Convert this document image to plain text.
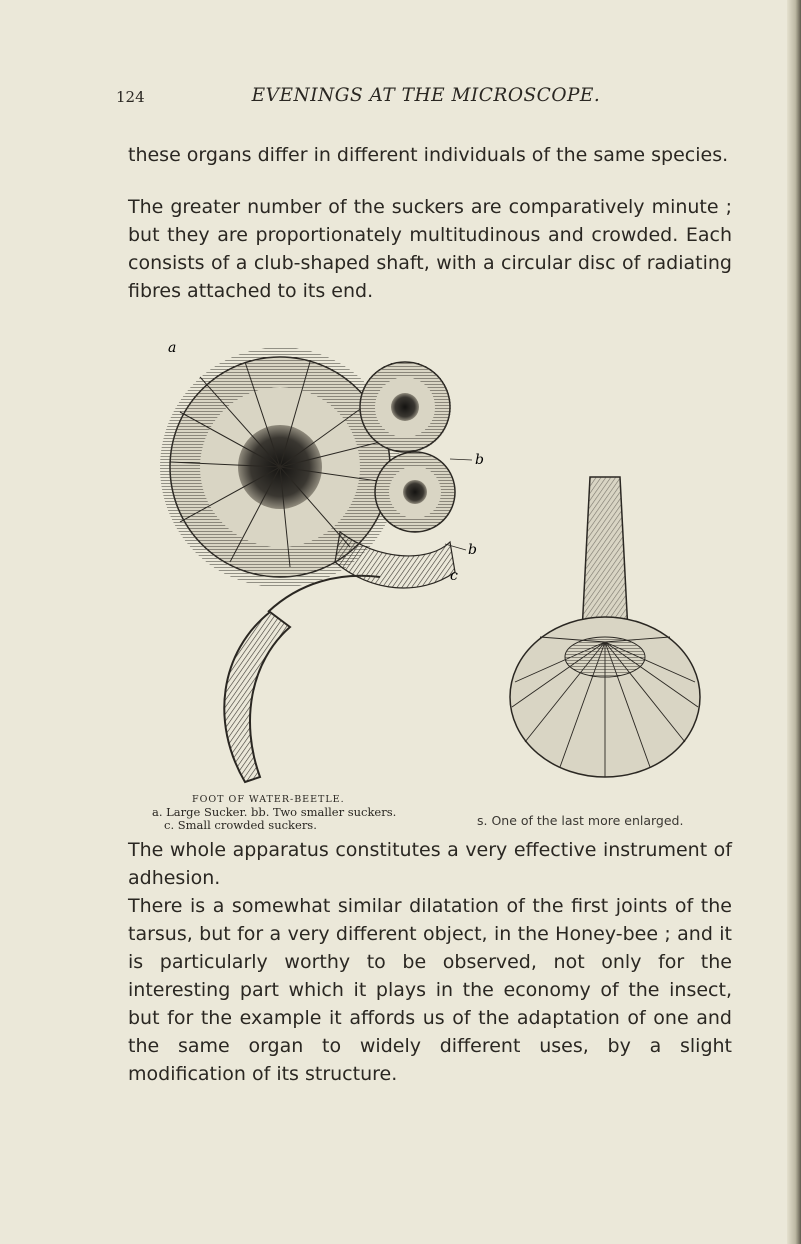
124	EVENINGS AT THE MICROSCOPE.

these organs differ in different individuals of the same species.

The greater number of the suckers are comparatively minute ; but they are proportionately multitudinous and crowded. Each consists of a club-shaped shaft, with a circular disc of radiating fibres attached to its end.

a
b
b
c
FOOT OF WATER-BEETLE.
a. Large Sucker. bb. Two smaller suckers.
c. Small crowded suckers.	s. One of the last more enlarged.

The whole apparatus constitutes a very effective instrument of adhesion.

There is a somewhat similar dilatation of the first joints of the tarsus, but for a very different object, in the Honey-bee ; and it is particularly worthy to be observed, not only for the interesting part which it plays in the economy of the insect, but for the example it affords us of the adaptation of one and the same organ to widely different uses, by a slight modification of its structure.
